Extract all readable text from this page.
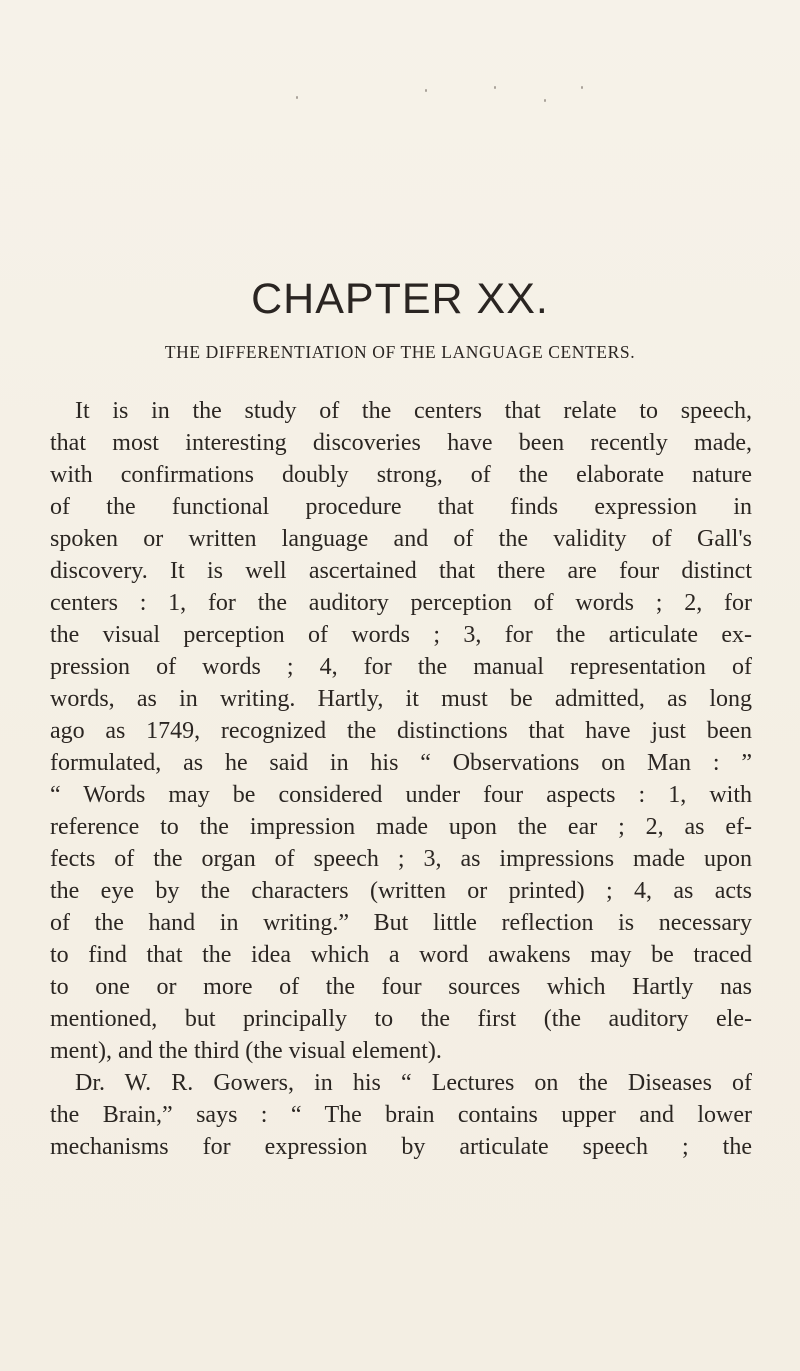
CHAPTER XX.
THE DIFFERENTIATION OF THE LANGUAGE CENTERS.

It is in the study of the centers that relate to speech,

that most interesting discoveries have been recently made,

with confirmations doubly strong, of the elaborate nature

of the functional procedure that finds expression in

spoken or written language and of the validity of Gall's

discovery. It is well ascertained that there are four distinct

centers : 1, for the auditory perception of words ; 2, for

the visual perception of words ; 3, for the articulate ex-

pression of words ; 4, for the manual representation of

words, as in writing. Hartly, it must be admitted, as long

ago as 1749, recognized the distinctions that have just been

formulated, as he said in his “ Observations on Man : ”

“ Words may be considered under four aspects : 1, with

reference to the impression made upon the ear ; 2, as ef-

fects of the organ of speech ; 3, as impressions made upon

the eye by the characters (written or printed) ; 4, as acts

of the hand in writing.” But little reflection is necessary

to find that the idea which a word awakens may be traced

to one or more of the four sources which Hartly nas

mentioned, but principally to the first (the auditory ele-

ment), and the third (the visual element).

Dr. W. R. Gowers, in his “ Lectures on the Diseases of

the Brain,” says : “ The brain contains upper and lower

mechanisms for expression by articulate speech ; the
